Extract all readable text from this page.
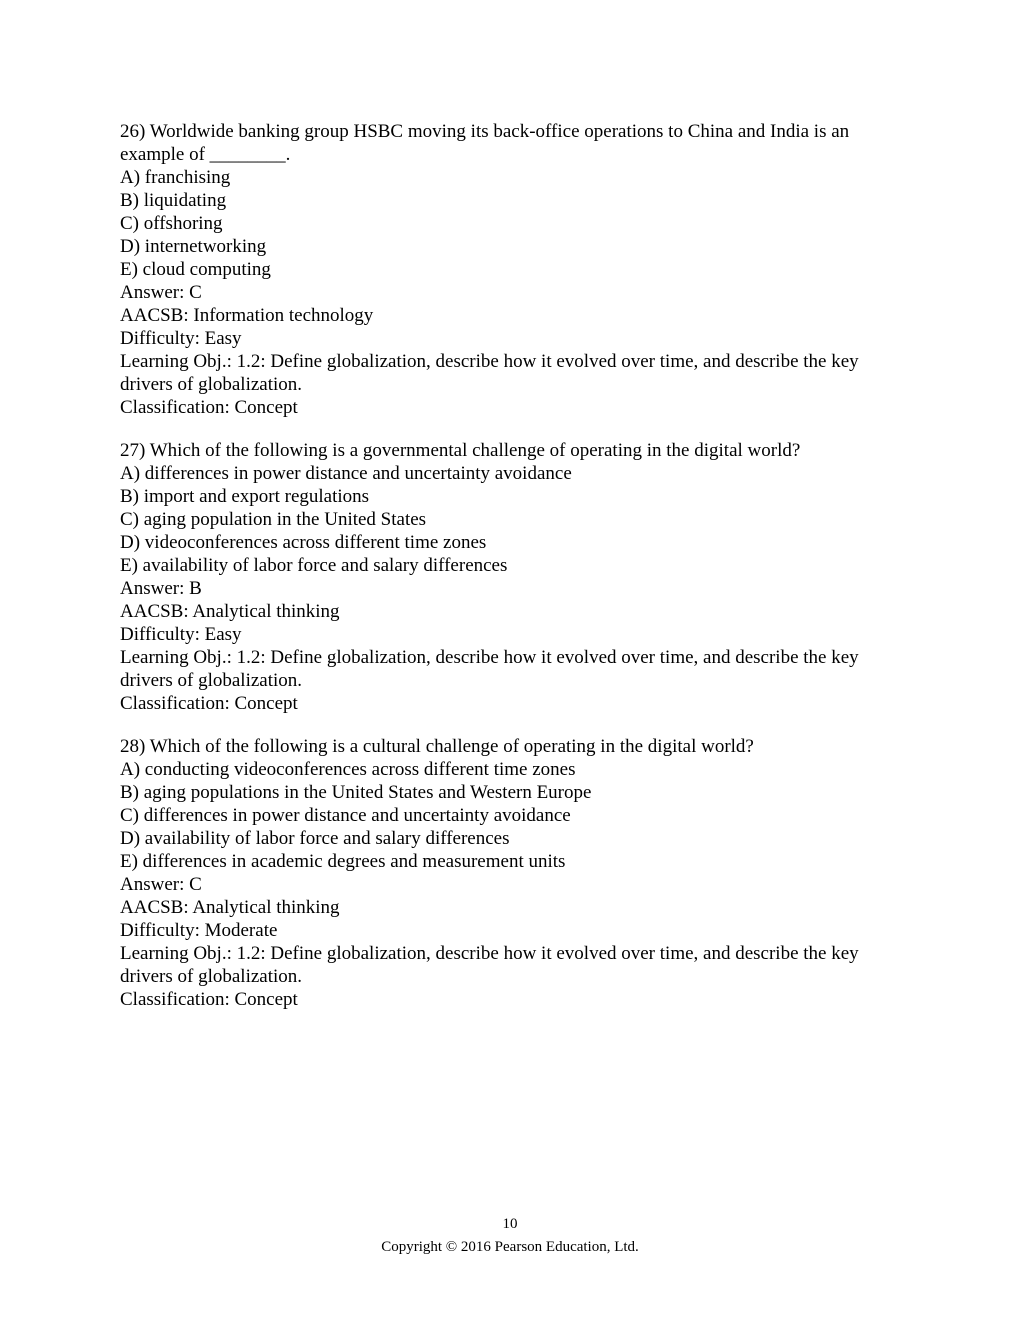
26) Worldwide banking group HSBC moving its back-office operations to China and India is an example of ________.
A) franchising
B) liquidating
C) offshoring
D) internetworking
E) cloud computing
Answer: C
AACSB: Information technology
Difficulty: Easy
Learning Obj.: 1.2: Define globalization, describe how it evolved over time, and describe the key drivers of globalization.
Classification: Concept
27) Which of the following is a governmental challenge of operating in the digital world?
A) differences in power distance and uncertainty avoidance
B) import and export regulations
C) aging population in the United States
D) videoconferences across different time zones
E) availability of labor force and salary differences
Answer: B
AACSB: Analytical thinking
Difficulty: Easy
Learning Obj.: 1.2: Define globalization, describe how it evolved over time, and describe the key drivers of globalization.
Classification: Concept
28) Which of the following is a cultural challenge of operating in the digital world?
A) conducting videoconferences across different time zones
B) aging populations in the United States and Western Europe
C) differences in power distance and uncertainty avoidance
D) availability of labor force and salary differences
E) differences in academic degrees and measurement units
Answer: C
AACSB: Analytical thinking
Difficulty: Moderate
Learning Obj.: 1.2: Define globalization, describe how it evolved over time, and describe the key drivers of globalization.
Classification: Concept
10
Copyright © 2016 Pearson Education, Ltd.
